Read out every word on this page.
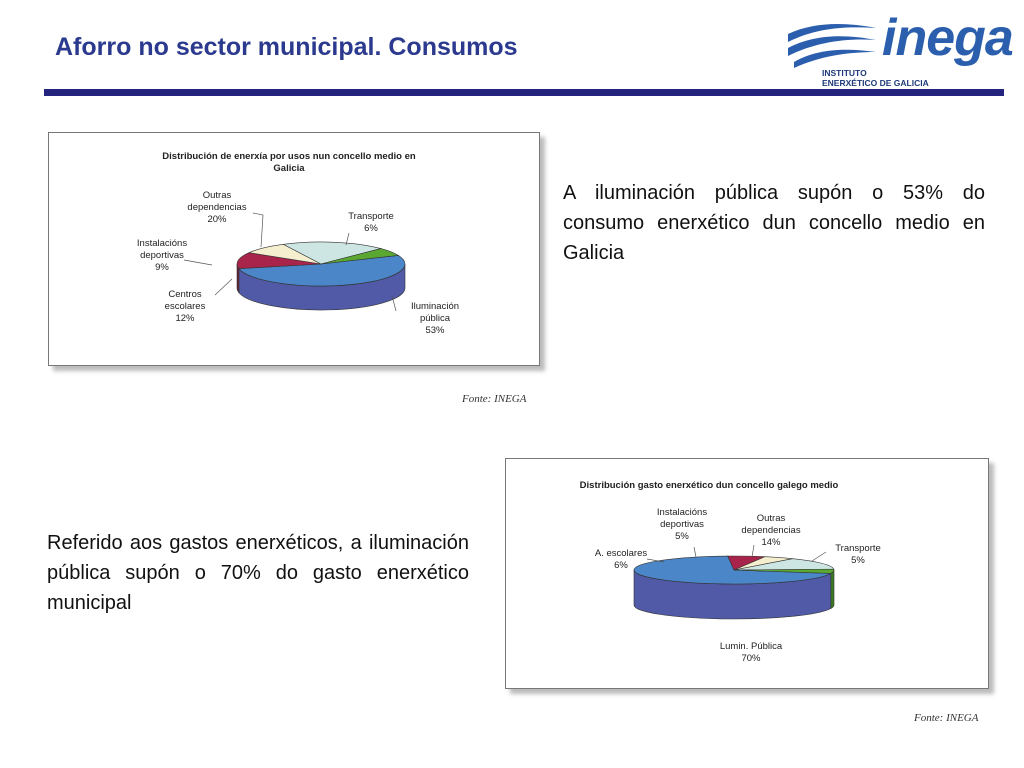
Aforro no sector municipal. Consumos	inega
INSTITUTO
ENERXÉTICO DE GALICIA
Distribución de enerxía por usos nun concello medio en
Galicia
Iluminación pública 53%
Centros escolares 12%
Instalacións deportivas 9%
Outras dependencias 20%	Transporte 6%
Fonte: INEGA
A iluminación pública supón o 53% do consumo enerxético dun concello medio en Galicia
Distribución gasto enerxético dun concello galego medio
Lumin. Pública 70%
A. escolares 6%
Instalacións deportivas 5%
Outras dependencias 14%
Transporte 5%
Fonte: INEGA
Referido aos gastos enerxéticos, a iluminación pública supón o 70% do gasto enerxético municipal
